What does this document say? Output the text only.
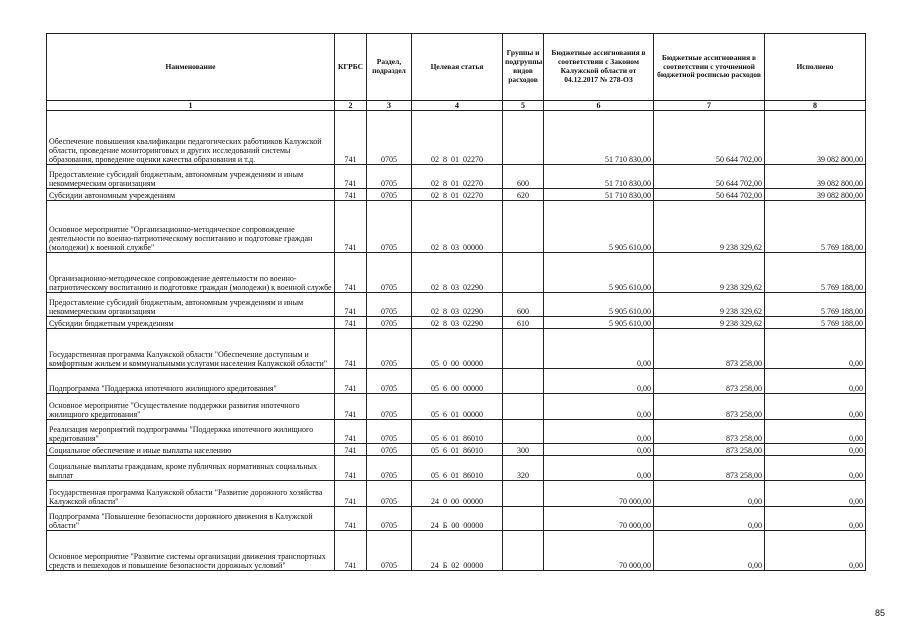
Наименование	КГРБС	Раздел, подраздел	Целевая статья	Группы и подгруппы видов расходов	Бюджетные ассигнования в соответствии с Законом Калужской области от 04.12.2017 № 278-ОЗ	Бюджетные ассигнования в соответствии с уточненной бюджетной росписью расходов	Исполнено
1	2	3	4	5	6	7	8
Обеспечение повышения квалификации педагогических работников Калужской области, проведение мониторинговых и других исследований системы образования, проведение оценки качества образования и т.д.	741	0705	02 8 01 02270		51 710 830,00	50 644 702,00	39 082 800,00
Предоставление субсидий бюджетным, автономным учреждениям и иным некоммерческим организациям	741	0705	02 8 01 02270	600	51 710 830,00	50 644 702,00	39 082 800,00
Субсидии автономным учреждениям	741	0705	02 8 01 02270	620	51 710 830,00	50 644 702,00	39 082 800,00
Основное мероприятие "Организационно-методическое сопровождение деятельности по военно-патриотическому воспитанию и подготовке граждан (молодежи) к военной службе"	741	0705	02 8 03 00000		5 905 610,00	9 238 329,62	5 769 188,00
Организационно-методическое сопровождение деятельности по военно-патриотическому воспитанию и подготовке граждан (молодежи) к военной службе	741	0705	02 8 03 02290		5 905 610,00	9 238 329,62	5 769 188,00
Предоставление субсидий бюджетным, автономным учреждениям и иным некоммерческим организациям	741	0705	02 8 03 02290	600	5 905 610,00	9 238 329,62	5 769 188,00
Субсидии бюджетным учреждениям	741	0705	02 8 03 02290	610	5 905 610,00	9 238 329,62	5 769 188,00
Государственная программа Калужской области "Обеспечение доступным и комфортным жильем и коммунальными услугами населения Калужской области"	741	0705	05 0 00 00000		0,00	873 258,00	0,00
Подпрограмма "Поддержка ипотечного жилищного кредитования"	741	0705	05 6 00 00000		0,00	873 258,00	0,00
Основное мероприятие "Осуществление поддержки развития ипотечного жилищного кредитования"	741	0705	05 6 01 00000		0,00	873 258,00	0,00
Реализация мероприятий подпрограммы "Поддержка ипотечного жилищного кредитования"	741	0705	05 6 01 86010		0,00	873 258,00	0,00
Социальное обеспечение и иные выплаты населению	741	0705	05 6 01 86010	300	0,00	873 258,00	0,00
Социальные выплаты гражданам, кроме публичных нормативных социальных выплат	741	0705	05 6 01 86010	320	0,00	873 258,00	0,00
Государственная программа Калужской области "Развитие дорожного хозяйства Калужской области"	741	0705	24 0 00 00000		70 000,00	0,00	0,00
Подпрограмма "Повышение безопасности дорожного движения в Калужской области"	741	0705	24 Б 00 00000		70 000,00	0,00	0,00
Основное мероприятие "Развитие системы организации движения транспортных средств и пешеходов и повышение безопасности дорожных условий"	741	0705	24 Б 02 00000		70 000,00	0,00	0,00
85
